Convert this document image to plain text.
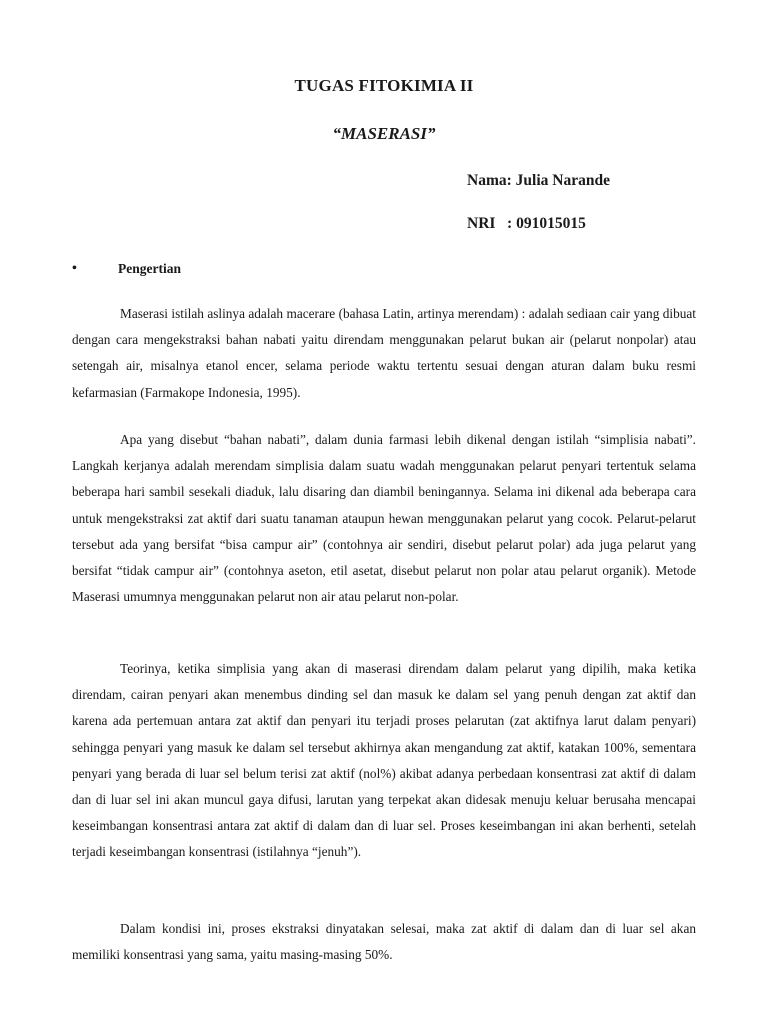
TUGAS FITOKIMIA II
“MASERASI”

Nama: Julia Narande

NRI   : 091015015

•	Pengertian

Maserasi istilah aslinya adalah macerare (bahasa Latin, artinya merendam) : adalah sediaan cair yang dibuat dengan cara mengekstraksi bahan nabati yaitu direndam menggunakan pelarut bukan air (pelarut nonpolar) atau setengah air, misalnya etanol encer, selama periode waktu tertentu sesuai dengan aturan dalam buku resmi kefarmasian (Farmakope Indonesia, 1995).

Apa yang disebut “bahan nabati”, dalam dunia farmasi lebih dikenal dengan istilah “simplisia nabati”. Langkah kerjanya adalah merendam simplisia dalam suatu wadah menggunakan pelarut penyari tertentuk selama beberapa hari sambil sesekali diaduk, lalu disaring dan diambil beningannya. Selama ini dikenal ada beberapa cara untuk mengekstraksi zat aktif dari suatu tanaman ataupun hewan menggunakan pelarut yang cocok. Pelarut-pelarut tersebut ada yang bersifat “bisa campur air” (contohnya air sendiri, disebut pelarut polar) ada juga pelarut yang bersifat “tidak campur air” (contohnya aseton, etil asetat, disebut pelarut non polar atau pelarut organik). Metode Maserasi umumnya menggunakan pelarut non air atau pelarut non-polar.

Teorinya, ketika simplisia yang akan di maserasi direndam dalam pelarut yang dipilih, maka ketika direndam, cairan penyari akan menembus dinding sel dan masuk ke dalam sel yang penuh dengan zat aktif dan karena ada pertemuan antara zat aktif dan penyari itu terjadi proses pelarutan (zat aktifnya larut dalam penyari) sehingga penyari yang masuk ke dalam sel tersebut akhirnya akan mengandung zat aktif, katakan 100%, sementara penyari yang berada di luar sel belum terisi zat aktif (nol%) akibat adanya perbedaan konsentrasi zat aktif di dalam dan di luar sel ini akan muncul gaya difusi, larutan yang terpekat akan didesak menuju keluar berusaha mencapai keseimbangan konsentrasi antara zat aktif di dalam dan di luar sel. Proses keseimbangan ini akan berhenti, setelah terjadi keseimbangan konsentrasi (istilahnya “jenuh”).

Dalam kondisi ini, proses ekstraksi dinyatakan selesai, maka zat aktif di dalam dan di luar sel akan memiliki konsentrasi yang sama, yaitu masing-masing 50%.
